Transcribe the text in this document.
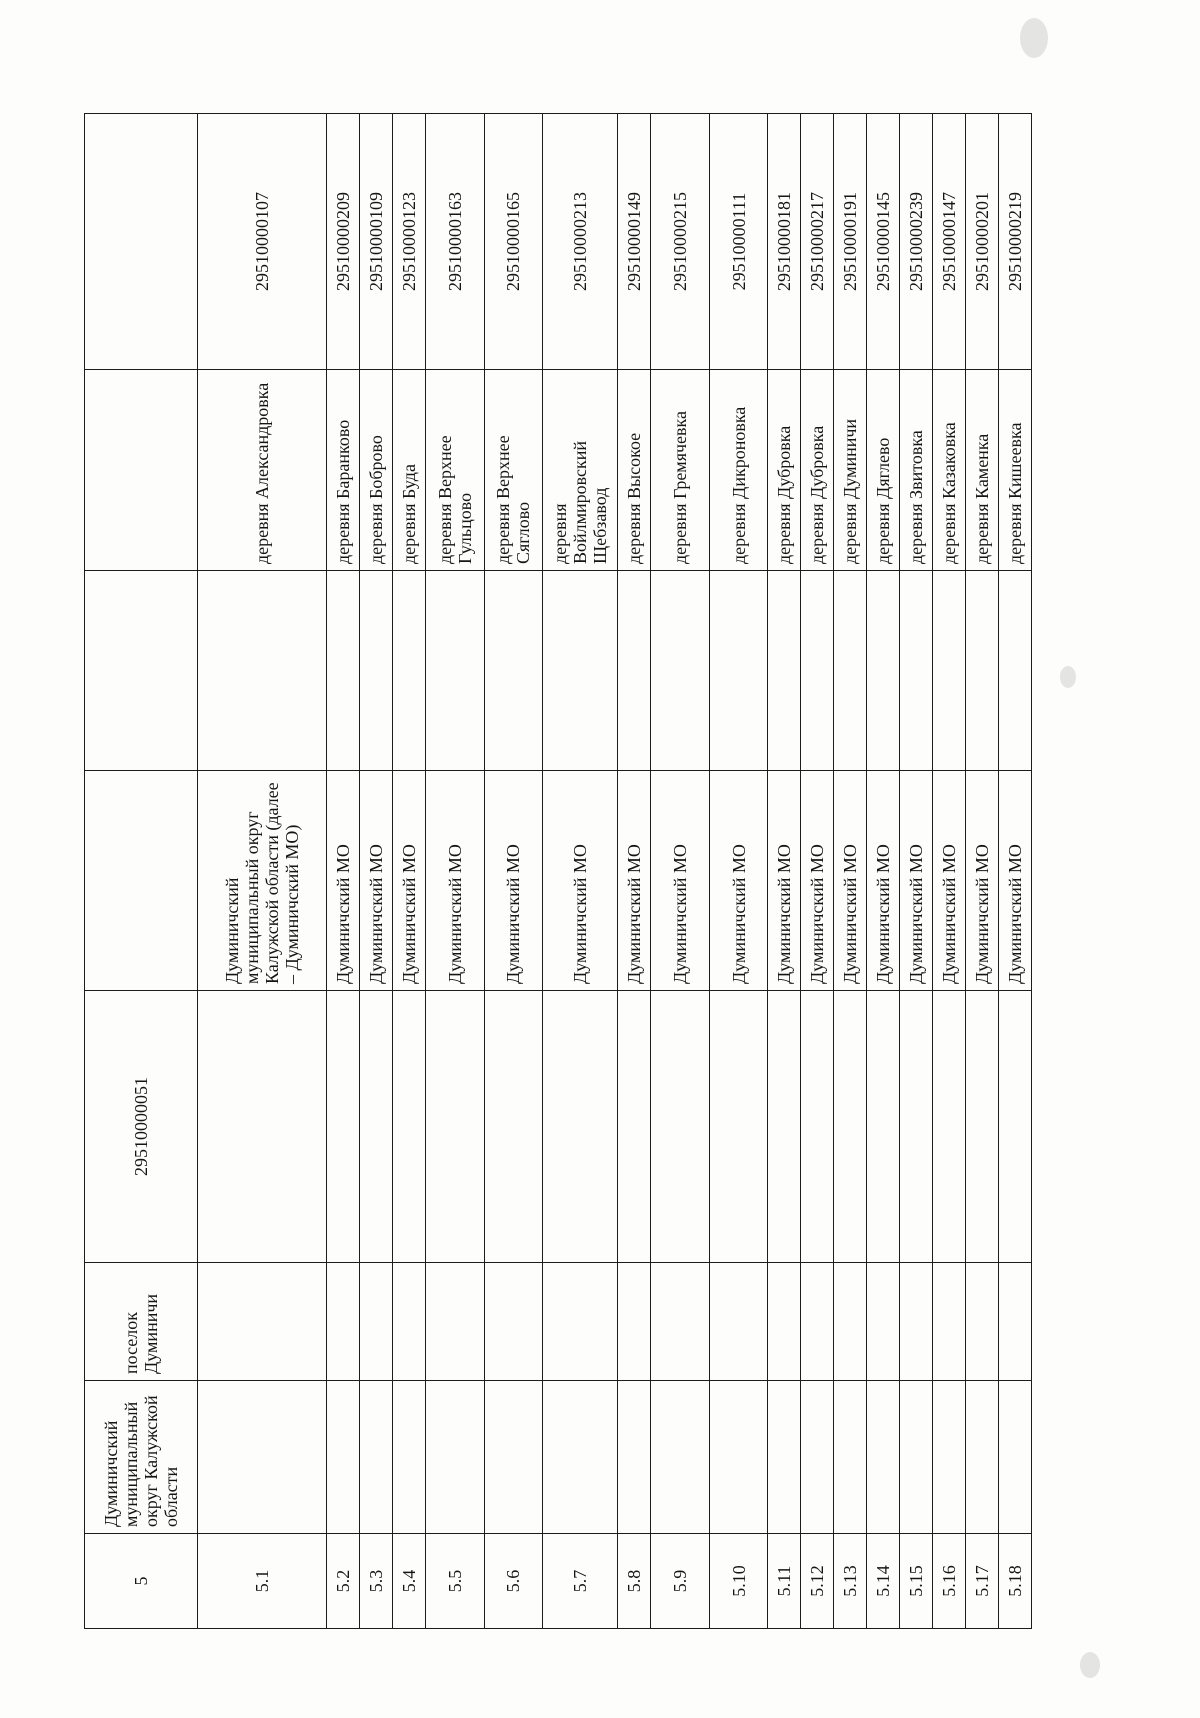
5	Думиничский муниципальный округ Калужской области	поселок Думиничи	29510000051				
5.1				Думиничский муниципальный округ Калужской области (далее – Думиничский МО)		деревня Александровка	29510000107
5.2				Думиничский МО		деревня Баранково	29510000209
5.3				Думиничский МО		деревня Боброво	29510000109
5.4				Думиничский МО		деревня Буда	29510000123
5.5				Думиничский МО		деревня Верхнее Гульцово	29510000163
5.6				Думиничский МО		деревня Верхнее Сяглово	29510000165
5.7				Думиничский МО		деревня Войлмировский Щебзавод	29510000213
5.8				Думиничский МО		деревня Высокое	29510000149
5.9				Думиничский МО		деревня Гремячевка	29510000215
5.10				Думиничский МО		деревня Дикроновка	29510000111
5.11				Думиничский МО		деревня Дубровка	29510000181
5.12				Думиничский МО		деревня Дубровка	29510000217
5.13				Думиничский МО		деревня Думиничи	29510000191
5.14				Думиничский МО		деревня Дяглево	29510000145
5.15				Думиничский МО		деревня Звитовка	29510000239
5.16				Думиничский МО		деревня Казаковка	29510000147
5.17				Думиничский МО		деревня Каменка	29510000201
5.18				Думиничский МО		деревня Кишеевка	29510000219
